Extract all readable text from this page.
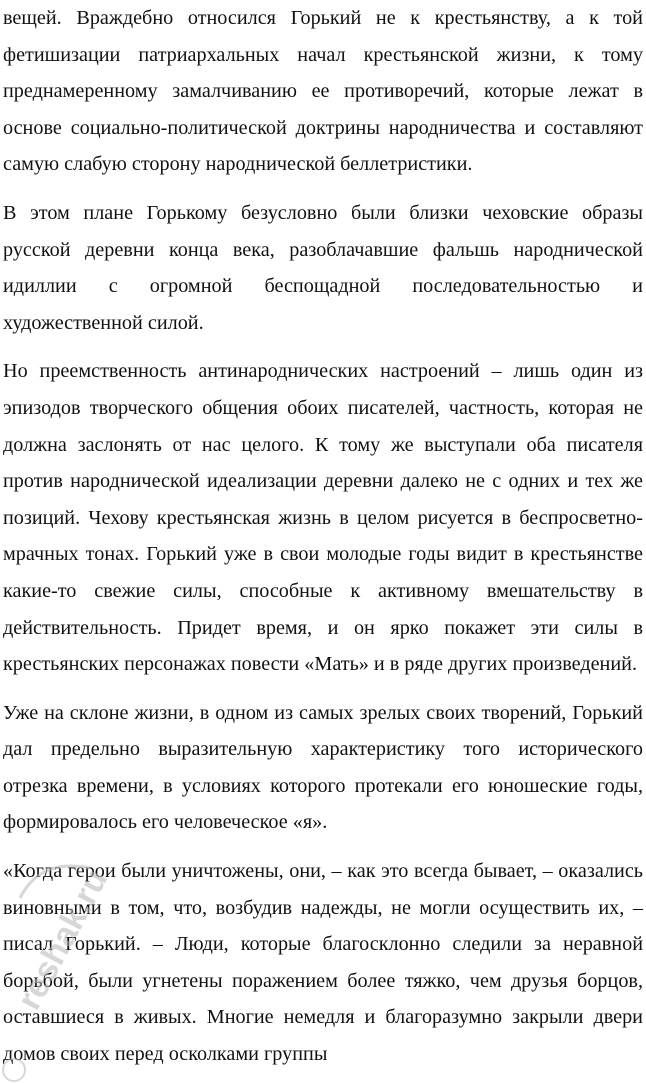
вещей. Враждебно относился Горький не к крестьянству, а к той фетишизации патриархальных начал крестьянской жизни, к тому преднамеренному замалчиванию ее противоречий, которые лежат в основе социально-политической доктрины народничества и составляют самую слабую сторону народнической беллетристики.

В этом плане Горькому безусловно были близки чеховские образы русской деревни конца века, разоблачавшие фальшь народнической идиллии с огромной беспощадной последовательностью и художественной силой.

Но преемственность антинароднических настроений – лишь один из эпизодов творческого общения обоих писателей, частность, которая не должна заслонять от нас целого. К тому же выступали оба писателя против народнической идеализации деревни далеко не с одних и тех же позиций. Чехову крестьянская жизнь в целом рисуется в беспросветно-мрачных тонах. Горький уже в свои молодые годы видит в крестьянстве какие-то свежие силы, способные к активному вмешательству в действительность. Придет время, и он ярко покажет эти силы в крестьянских персонажах повести «Мать» и в ряде других произведений.

Уже на склоне жизни, в одном из самых зрелых своих творений, Горький дал предельно выразительную характеристику того исторического отрезка времени, в условиях которого протекали его юношеские годы, формировалось его человеческое «я».

«Когда герои были уничтожены, они, – как это всегда бывает, – оказались виновными в том, что, возбудив надежды, не могли осуществить их, – писал Горький. – Люди, которые благосклонно следили за неравной борьбой, были угнетены поражением более тяжко, чем друзья борцов, оставшиеся в живых. Многие немедля и благоразумно закрыли двери домов своих перед осколками группы

reshak.ru
